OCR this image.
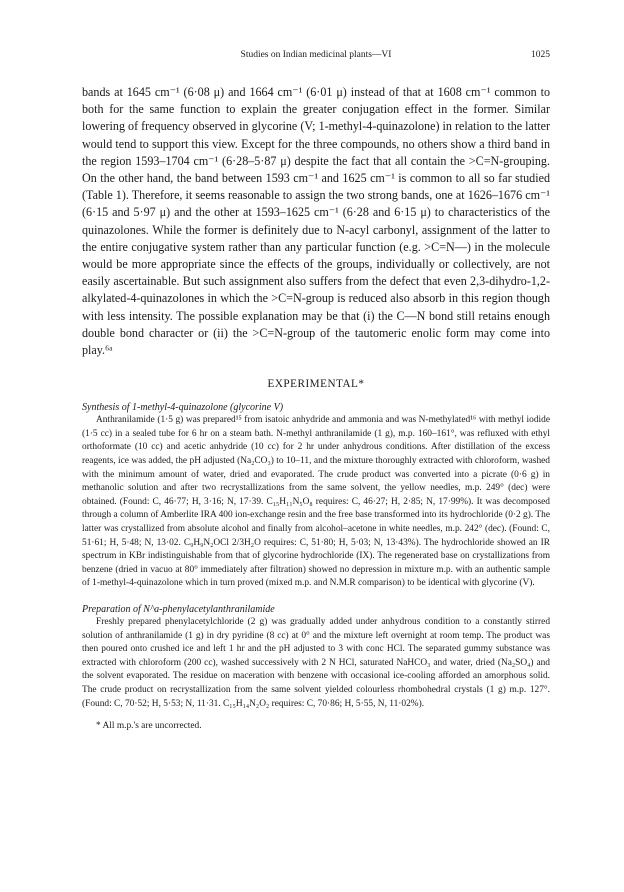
Studies on Indian medicinal plants—VI	1025

bands at 1645 cm⁻¹ (6·08 μ) and 1664 cm⁻¹ (6·01 μ) instead of that at 1608 cm⁻¹ common to both for the same function to explain the greater conjugation effect in the former. Similar lowering of frequency observed in glycorine (V; 1-methyl-4-quinazolone) in relation to the latter would tend to support this view. Except for the three compounds, no others show a third band in the region 1593–1704 cm⁻¹ (6·28–5·87 μ) despite the fact that all contain the >C=N-grouping. On the other hand, the band between 1593 cm⁻¹ and 1625 cm⁻¹ is common to all so far studied (Table 1). Therefore, it seems reasonable to assign the two strong bands, one at 1626–1676 cm⁻¹ (6·15 and 5·97 μ) and the other at 1593–1625 cm⁻¹ (6·28 and 6·15 μ) to characteristics of the quinazolones. While the former is definitely due to N-acyl carbonyl, assignment of the latter to the entire conjugative system rather than any particular function (e.g. >C=N—) in the molecule would be more appropriate since the effects of the groups, individually or collectively, are not easily ascertainable. But such assignment also suffers from the defect that even 2,3-dihydro-1,2-alkylated-4-quinazolones in which the >C=N-group is reduced also absorb in this region though with less intensity. The possible explanation may be that (i) the C—N bond still retains enough double bond character or (ii) the >C=N-group of the tautomeric enolic form may come into play.⁶ᵃ

EXPERIMENTAL*
Synthesis of 1-methyl-4-quinazolone (glycorine V)

Anthranilamide (1·5 g) was prepared¹⁵ from isatoic anhydride and ammonia and was N-methylated¹⁶ with methyl iodide (1·5 cc) in a sealed tube for 6 hr on a steam bath. N-methyl anthranilamide (1 g), m.p. 160–161°, was refluxed with ethyl orthoformate (10 cc) and acetic anhydride (10 cc) for 2 hr under anhydrous conditions. After distillation of the excess reagents, ice was added, the pH adjusted (Na₂CO₃) to 10–11, and the mixture thoroughly extracted with chloroform, washed with the minimum amount of water, dried and evaporated. The crude product was converted into a picrate (0·6 g) in methanolic solution and after two recrystallizations from the same solvent, the yellow needles, m.p. 249° (dec) were obtained. (Found: C, 46·77; H, 3·16; N, 17·39. C₁₅H₁₁N₅O₈ requires: C, 46·27; H, 2·85; N, 17·99%). It was decomposed through a column of Amberlite IRA 400 ion-exchange resin and the free base transformed into its hydrochloride (0·2 g). The latter was crystallized from absolute alcohol and finally from alcohol–acetone in white needles, m.p. 242° (dec). (Found: C, 51·61; H, 5·48; N, 13·02. C₉H₉N₂OCl 2/3H₂O requires: C, 51·80; H, 5·03; N, 13·43%). The hydrochloride showed an IR spectrum in KBr indistinguishable from that of glycorine hydrochloride (IX). The regenerated base on crystallizations from benzene (dried in vacuo at 80° immediately after filtration) showed no depression in mixture m.p. with an authentic sample of 1-methyl-4-quinazolone which in turn proved (mixed m.p. and N.M.R comparison) to be identical with glycorine (V).

Preparation of N^a-phenylacetylanthranilamide

Freshly prepared phenylacetylchloride (2 g) was gradually added under anhydrous condition to a constantly stirred solution of anthranilamide (1 g) in dry pyridine (8 cc) at 0° and the mixture left overnight at room temp. The product was then poured onto crushed ice and left 1 hr and the pH adjusted to 3 with conc HCl. The separated gummy substance was extracted with chloroform (200 cc), washed successively with 2 N HCl, saturated NaHCO₃ and water, dried (Na₂SO₄) and the solvent evaporated. The residue on maceration with benzene with occasional ice-cooling afforded an amorphous solid. The crude product on recrystallization from the same solvent yielded colourless rhombohedral crystals (1 g) m.p. 127°. (Found: C, 70·52; H, 5·53; N, 11·31. C₁₅H₁₄N₂O₂ requires: C, 70·86; H, 5·55, N, 11·02%).

* All m.p.'s are uncorrected.
